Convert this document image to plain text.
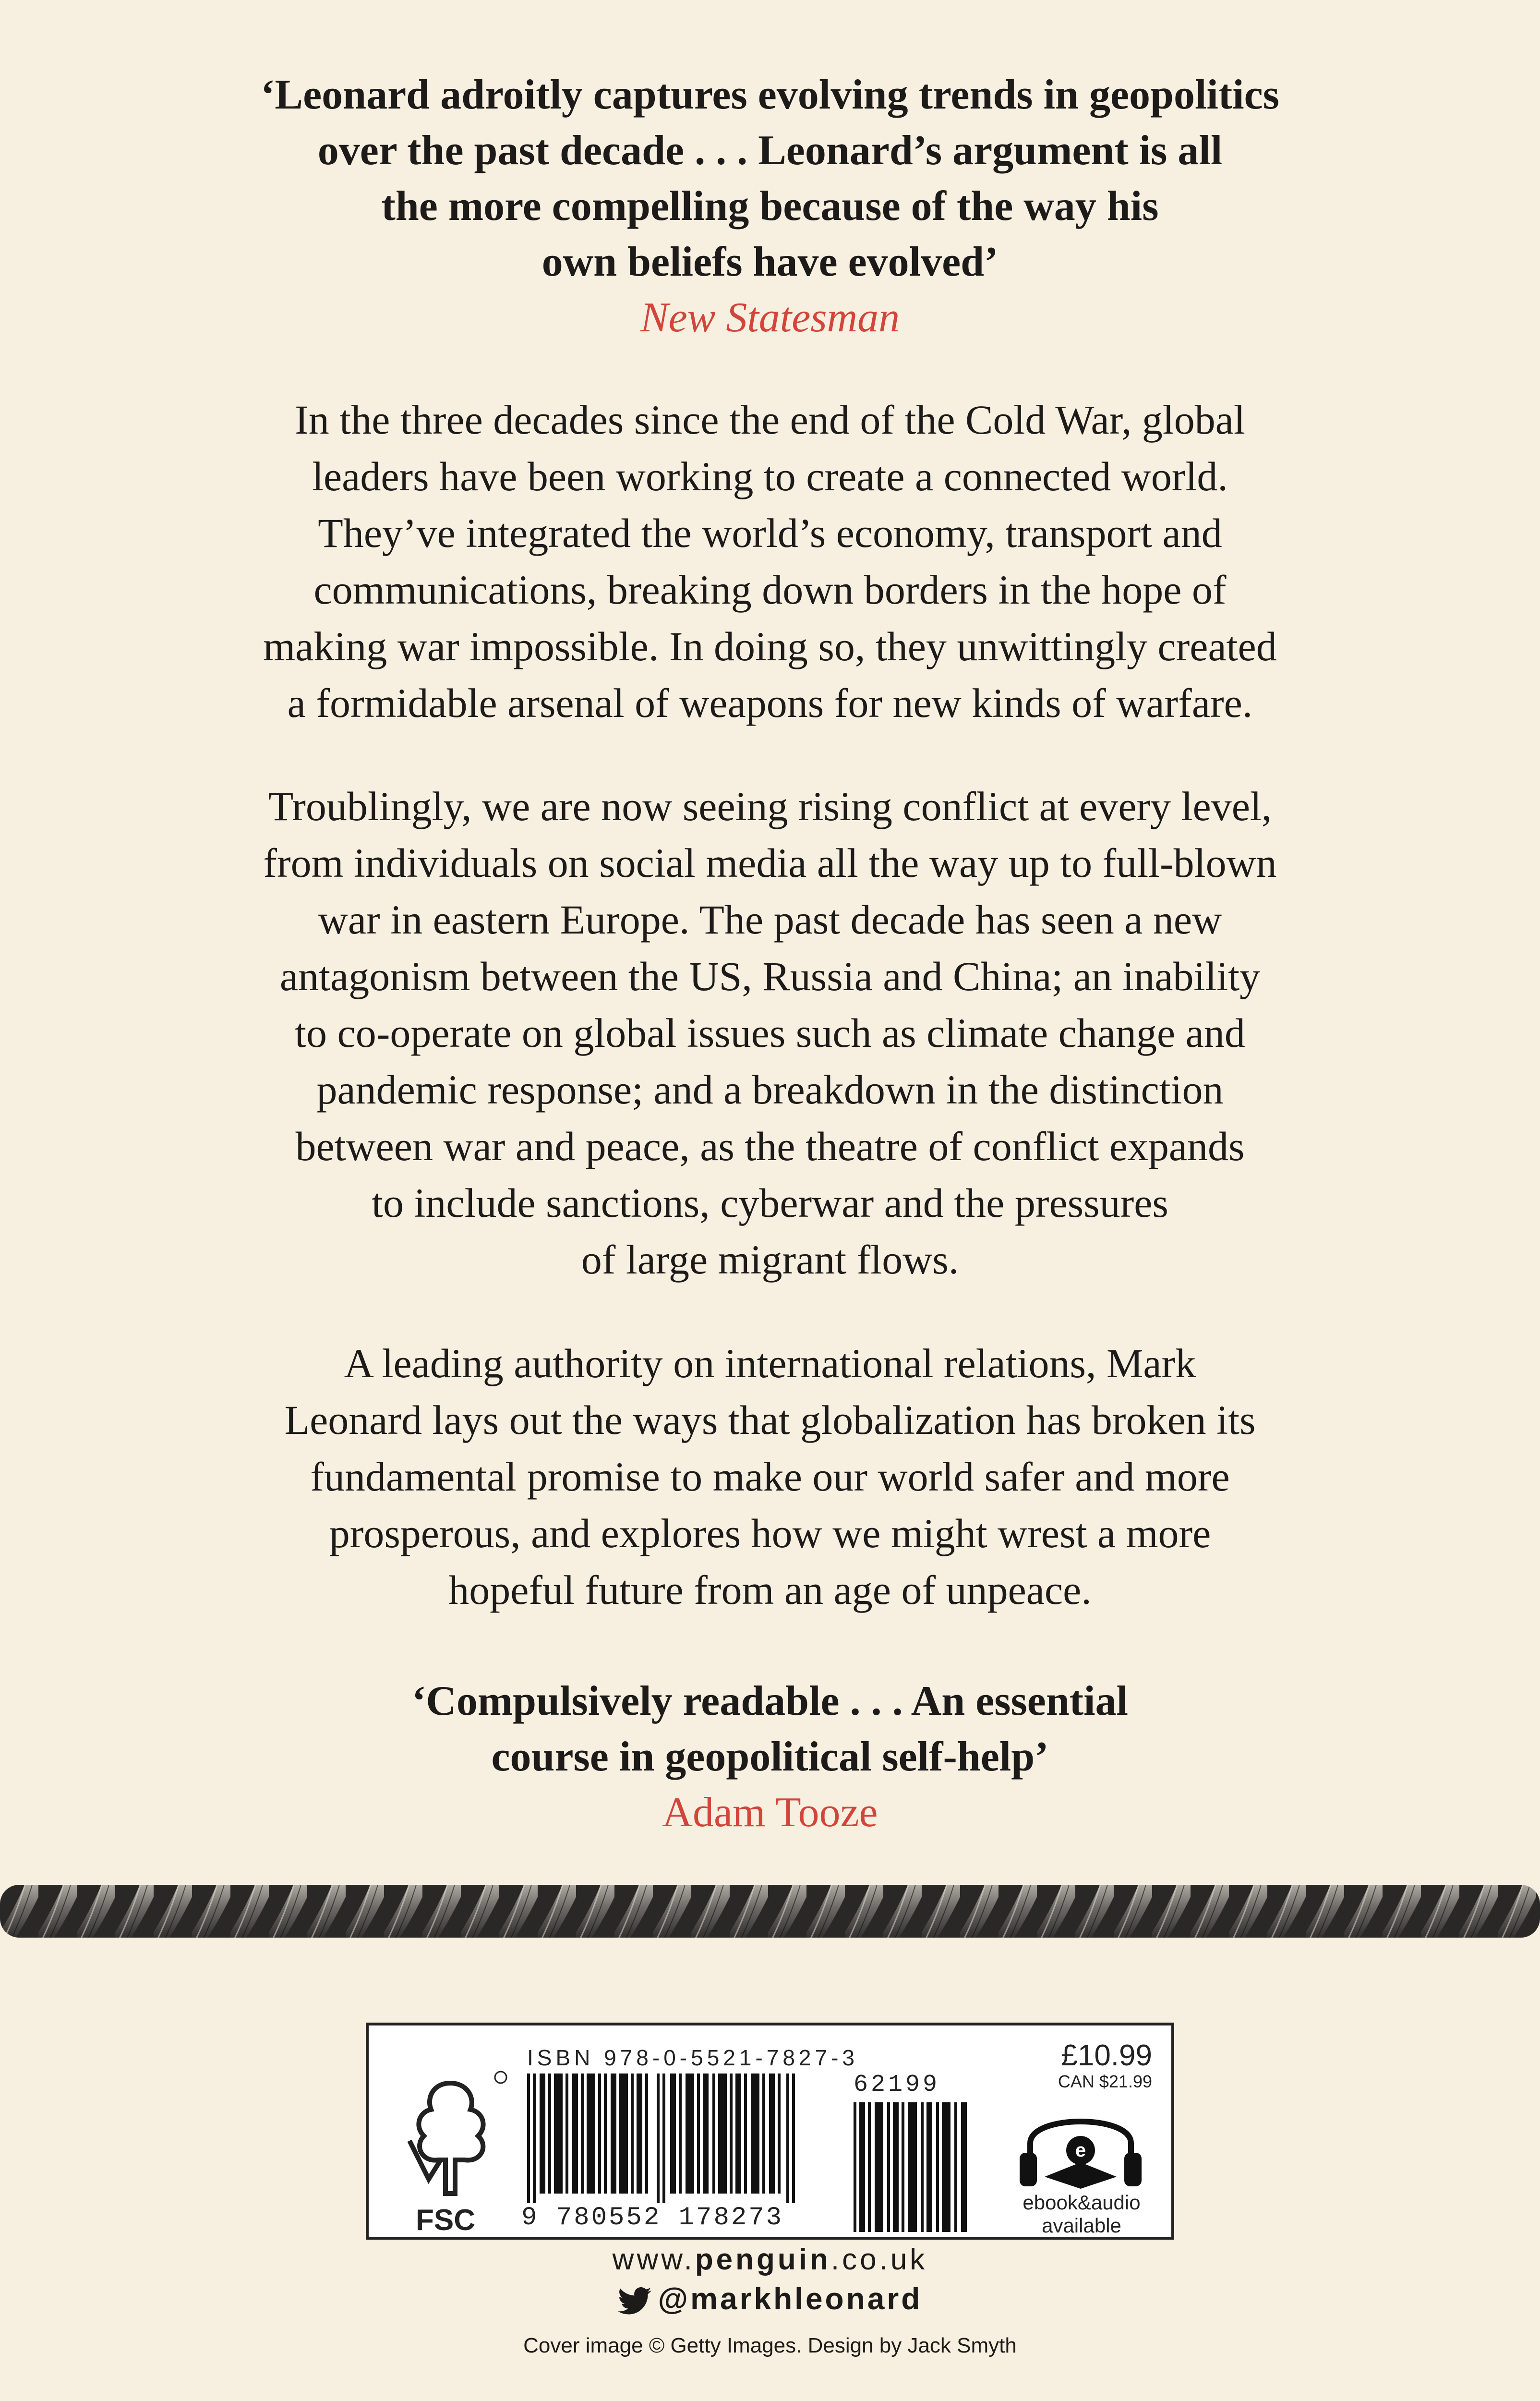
‘Leonard adroitly captures evolving trends in geopolitics
over the past decade . . . Leonard’s argument is all
the more compelling because of the way his
own beliefs have evolved’
New Statesman
In the three decades since the end of the Cold War, global
leaders have been working to create a connected world.
They’ve integrated the world’s economy, transport and
communications, breaking down borders in the hope of
making war impossible. In doing so, they unwittingly created
a formidable arsenal of weapons for new kinds of warfare.
Troublingly, we are now seeing rising conflict at every level,
from individuals on social media all the way up to full-blown
war in eastern Europe. The past decade has seen a new
antagonism between the US, Russia and China; an inability
to co-operate on global issues such as climate change and
pandemic response; and a breakdown in the distinction
between war and peace, as the theatre of conflict expands
to include sanctions, cyberwar and the pressures
of large migrant flows.
A leading authority on international relations, Mark
Leonard lays out the ways that globalization has broken its
fundamental promise to make our world safer and more
prosperous, and explores how we might wrest a more
hopeful future from an age of unpeace.
‘Compulsively readable . . . An essential
course in geopolitical self-help’
Adam Tooze
FSC
ISBN 978-0-5521-7827-3
9 780552 178273
62199
£10.99
CAN $21.99
e
ebook&audio
available
www.penguin.co.uk
@markhleonard
Cover image © Getty Images. Design by Jack Smyth
